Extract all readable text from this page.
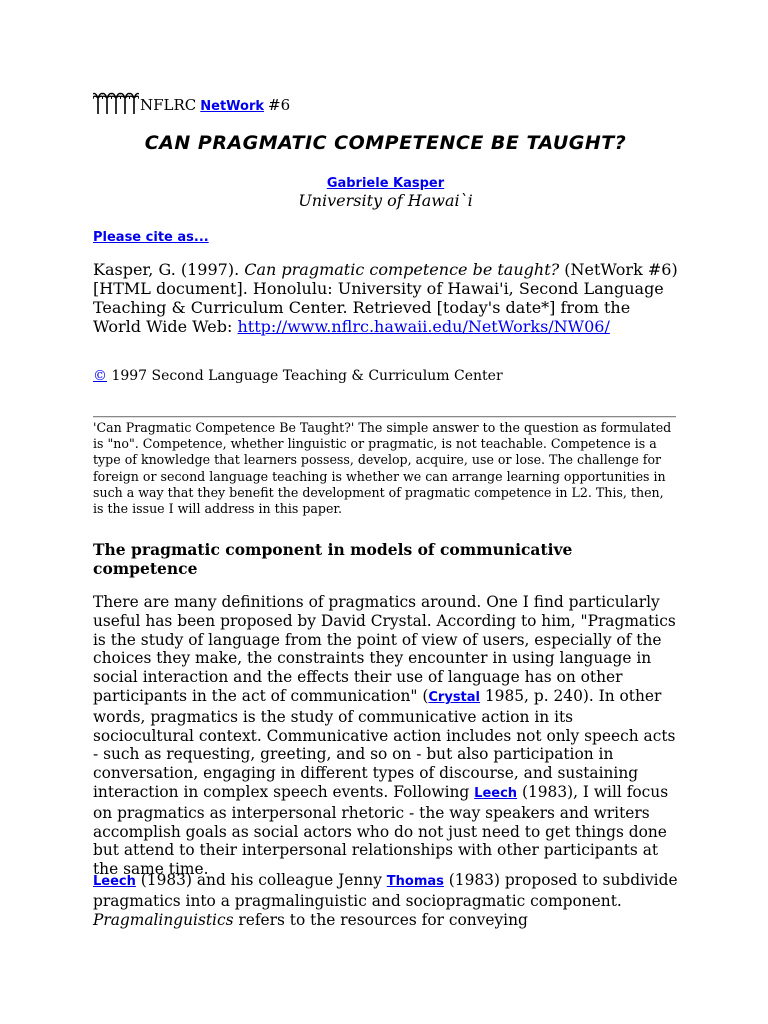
NFLRC NetWork #6
CAN PRAGMATIC COMPETENCE BE TAUGHT?
Gabriele Kasper
University of Hawai`i
Please cite as...

Kasper, G. (1997). Can pragmatic competence be taught? (NetWork #6) [HTML document]. Honolulu: University of Hawai'i, Second Language Teaching & Curriculum Center. Retrieved [today's date*] from the World Wide Web: http://www.nflrc.hawaii.edu/NetWorks/NW06/

© 1997 Second Language Teaching & Curriculum Center

'Can Pragmatic Competence Be Taught?' The simple answer to the question as formulated is "no". Competence, whether linguistic or pragmatic, is not teachable. Competence is a type of knowledge that learners possess, develop, acquire, use or lose. The challenge for foreign or second language teaching is whether we can arrange learning opportunities in such a way that they benefit the development of pragmatic competence in L2. This, then, is the issue I will address in this paper.

The pragmatic component in models of communicative competence

There are many definitions of pragmatics around. One I find particularly useful has been proposed by David Crystal. According to him, "Pragmatics is the study of language from the point of view of users, especially of the choices they make, the constraints they encounter in using language in social interaction and the effects their use of language has on other participants in the act of communication" (Crystal 1985, p. 240). In other words, pragmatics is the study of communicative action in its sociocultural context. Communicative action includes not only speech acts - such as requesting, greeting, and so on - but also participation in conversation, engaging in different types of discourse, and sustaining interaction in complex speech events. Following Leech (1983), I will focus on pragmatics as interpersonal rhetoric - the way speakers and writers accomplish goals as social actors who do not just need to get things done but attend to their interpersonal relationships with other participants at the same time.

Leech (1983) and his colleague Jenny Thomas (1983) proposed to subdivide pragmatics into a pragmalinguistic and sociopragmatic component. Pragmalinguistics refers to the resources for conveying
